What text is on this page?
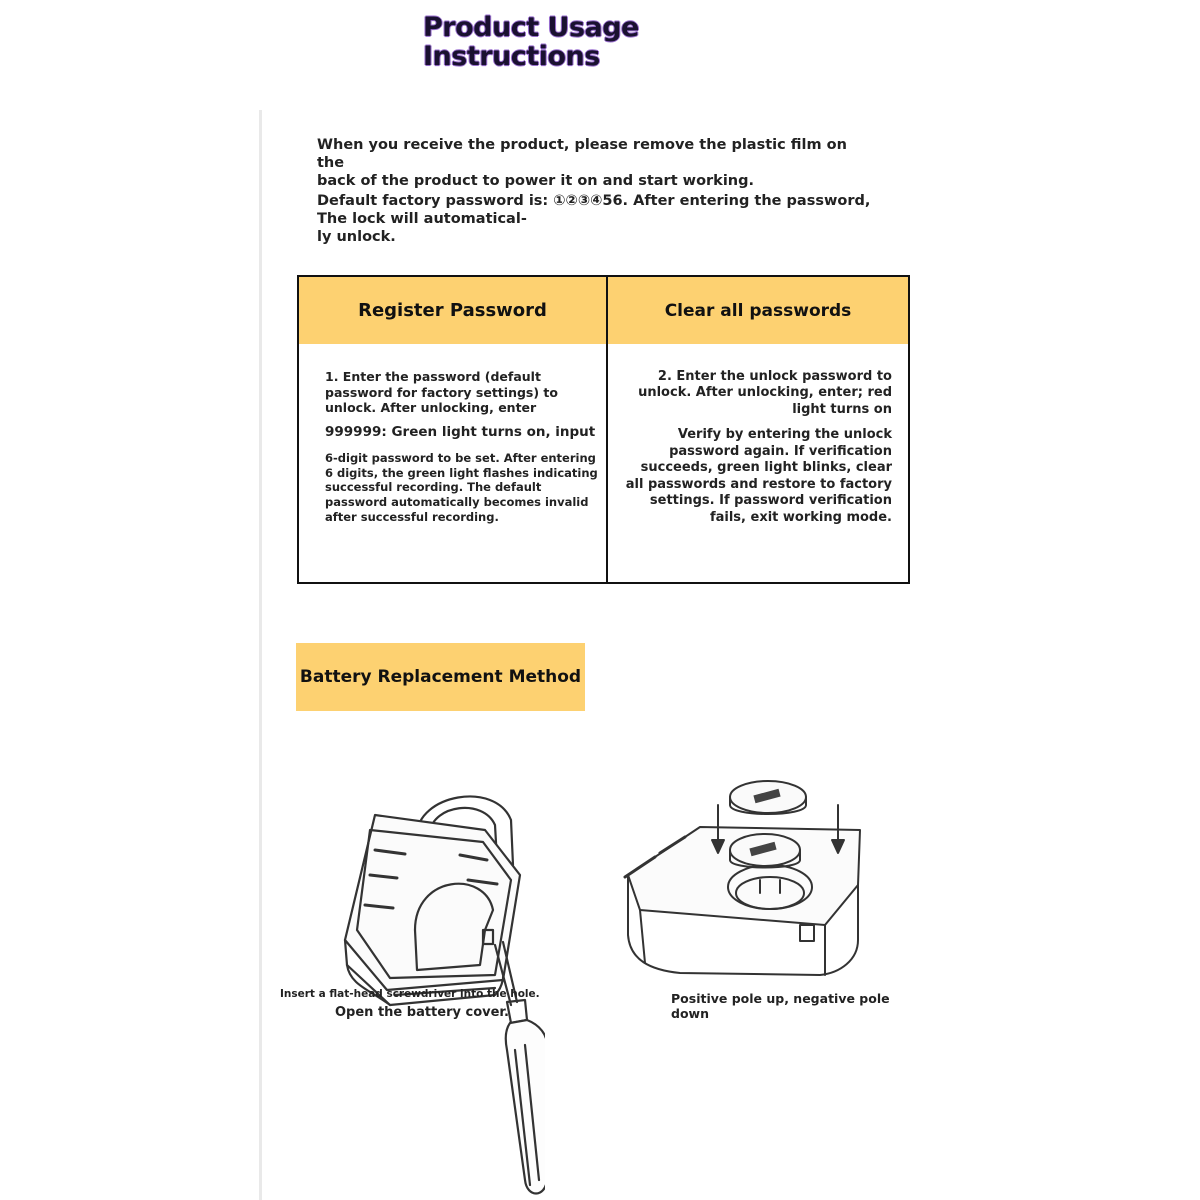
Product Usage
Instructions
When you receive the product, please remove the plastic film on the
back of the product to power it on and start working.
Default factory password is: ①②③④56. After entering the password,
The lock will automatical-
ly unlock.
Register Password	Clear all passwords
1. Enter the password (default
password for factory settings) to
unlock. After unlocking, enter
999999: Green light turns on, input
6-digit password to be set. After entering
6 digits, the green light flashes indicating
successful recording. The default
password automatically becomes invalid
after successful recording.
2. Enter the unlock password to
unlock. After unlocking, enter; red
light turns on
Verify by entering the unlock
password again. If verification
succeeds, green light blinks, clear
all passwords and restore to factory
settings. If password verification
fails, exit working mode.
Battery Replacement Method
Insert a flat-head screwdriver into the hole.
Open the battery cover.
Positive pole up, negative pole
down
